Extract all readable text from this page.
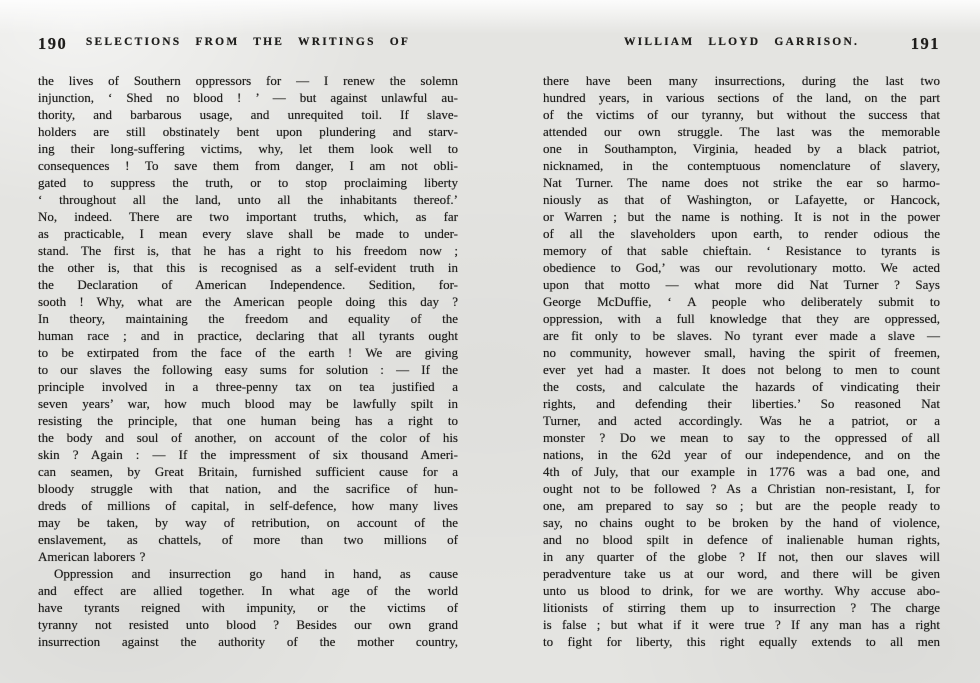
190	SELECTIONS FROM THE WRITINGS OF
the lives of Southern oppressors for — I renew the solemn
injunction, ‘ Shed no blood ! ’ — but against unlawful au-
thority, and barbarous usage, and unrequited toil. If slave-
holders are still obstinately bent upon plundering and starv-
ing their long-suffering victims, why, let them look well to
consequences ! To save them from danger, I am not obli-
gated to suppress the truth, or to stop proclaiming liberty
‘ throughout all the land, unto all the inhabitants thereof.’
No, indeed. There are two important truths, which, as far
as practicable, I mean every slave shall be made to under-
stand. The first is, that he has a right to his freedom now ;
the other is, that this is recognised as a self-evident truth in
the Declaration of American Independence. Sedition, for-
sooth ! Why, what are the American people doing this day ?
In theory, maintaining the freedom and equality of the
human race ; and in practice, declaring that all tyrants ought
to be extirpated from the face of the earth ! We are giving
to our slaves the following easy sums for solution : — If the
principle involved in a three-penny tax on tea justified a
seven years’ war, how much blood may be lawfully spilt in
resisting the principle, that one human being has a right to
the body and soul of another, on account of the color of his
skin ? Again : — If the impressment of six thousand Ameri-
can seamen, by Great Britain, furnished sufficient cause for a
bloody struggle with that nation, and the sacrifice of hun-
dreds of millions of capital, in self-defence, how many lives
may be taken, by way of retribution, on account of the
enslavement, as chattels, of more than two millions of
American laborers ?
Oppression and insurrection go hand in hand, as cause
and effect are allied together. In what age of the world
have tyrants reigned with impunity, or the victims of
tyranny not resisted unto blood ? Besides our own grand
insurrection against the authority of the mother country,
WILLIAM LLOYD GARRISON.	191
there have been many insurrections, during the last two
hundred years, in various sections of the land, on the part
of the victims of our tyranny, but without the success that
attended our own struggle. The last was the memorable
one in Southampton, Virginia, headed by a black patriot,
nicknamed, in the contemptuous nomenclature of slavery,
Nat Turner. The name does not strike the ear so harmo-
niously as that of Washington, or Lafayette, or Hancock,
or Warren ; but the name is nothing. It is not in the power
of all the slaveholders upon earth, to render odious the
memory of that sable chieftain. ‘ Resistance to tyrants is
obedience to God,’ was our revolutionary motto. We acted
upon that motto — what more did Nat Turner ? Says
George McDuffie, ‘ A people who deliberately submit to
oppression, with a full knowledge that they are oppressed,
are fit only to be slaves. No tyrant ever made a slave —
no community, however small, having the spirit of freemen,
ever yet had a master. It does not belong to men to count
the costs, and calculate the hazards of vindicating their
rights, and defending their liberties.’ So reasoned Nat
Turner, and acted accordingly. Was he a patriot, or a
monster ? Do we mean to say to the oppressed of all
nations, in the 62d year of our independence, and on the
4th of July, that our example in 1776 was a bad one, and
ought not to be followed ? As a Christian non-resistant, I, for
one, am prepared to say so ; but are the people ready to
say, no chains ought to be broken by the hand of violence,
and no blood spilt in defence of inalienable human rights,
in any quarter of the globe ? If not, then our slaves will
peradventure take us at our word, and there will be given
unto us blood to drink, for we are worthy. Why accuse abo-
litionists of stirring them up to insurrection ? The charge
is false ; but what if it were true ? If any man has a right
to fight for liberty, this right equally extends to all men
